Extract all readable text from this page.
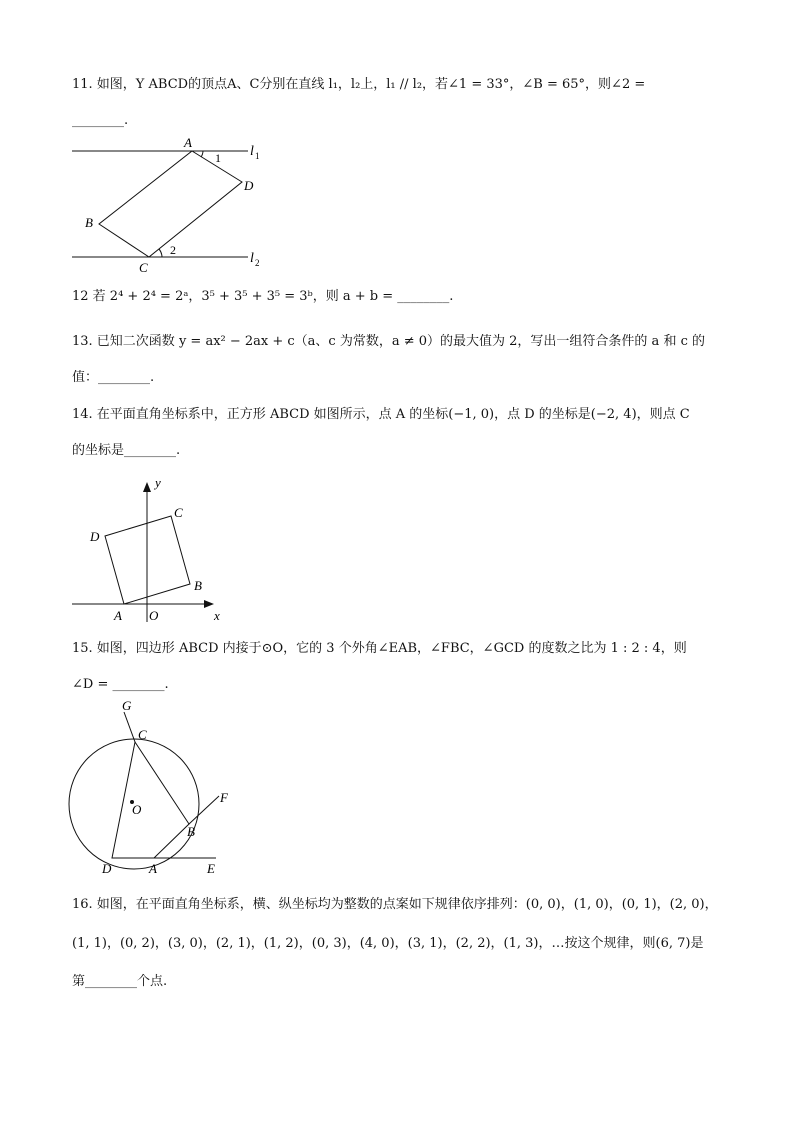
11. 如图，Y ABCD的顶点A、C分别在直线 l₁，l₂上，l₁ // l₂，若∠1 = 33°，∠B = 65°，则∠2 =
________.
A
D
B
C
1
2
l 1
l 2
12 若 2⁴ + 2⁴ = 2ᵃ，3⁵ + 3⁵ + 3⁵ = 3ᵇ，则 a + b = ________.
13. 已知二次函数 y = ax² − 2ax + c（a、c 为常数，a ≠ 0）的最大值为 2，写出一组符合条件的 a 和 c 的
值：________.
14. 在平面直角坐标系中，正方形 ABCD 如图所示，点 A 的坐标(−1, 0)，点 D 的坐标是(−2, 4)，则点 C
的坐标是________.
y
x
O
A
B
C
D
15. 如图，四边形 ABCD 内接于⊙O，它的 3 个外角∠EAB，∠FBC，∠GCD 的度数之比为 1 : 2 : 4，则
∠D = ________.
G
C
O
F
B
D	A	E
16. 如图，在平面直角坐标系，横、纵坐标均为整数的点案如下规律依序排列：(0, 0)，(1, 0)，(0, 1)，(2, 0)，
(1, 1)，(0, 2)，(3, 0)，(2, 1)，(1, 2)，(0, 3)，(4, 0)，(3, 1)，(2, 2)，(1, 3)，…按这个规律，则(6, 7)是
第________个点.
